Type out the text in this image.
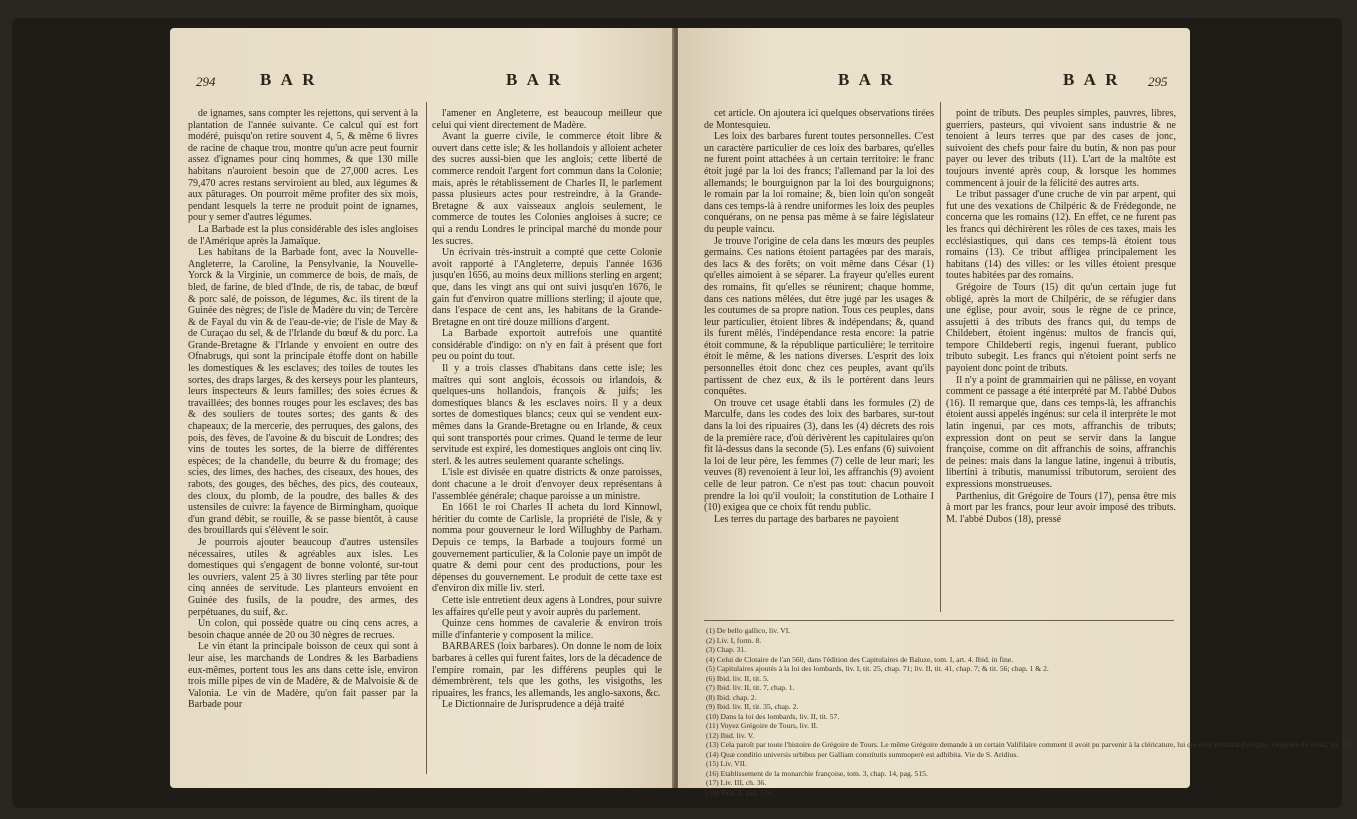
294	B A R	B A R

de ignames, sans compter les rejettons, qui servent à la plantation de l'année suivante. Ce calcul qui est fort modéré, puisqu'on retire souvent 4, 5, & même 6 livres de racine de chaque trou, montre qu'un acre peut fournir assez d'ignames pour cinq hommes, & que 130 mille habitans n'auroient besoin que de 27,000 acres. Les 79,470 acres restans serviroient au bled, aux légumes & aux pâturages. On pourroit même profiter des six mois, pendant lesquels la terre ne produit point de ignames, pour y semer d'autres légumes.

La Barbade est la plus considérable des isles angloises de l'Amérique après la Jamaïque.

Les habitans de la Barbade font, avec la Nouvelle-Angleterre, la Caroline, la Pensylvanie, la Nouvelle-Yorck & la Virginie, un commerce de bois, de maïs, de bled, de farine, de bled d'Inde, de ris, de tabac, de bœuf & porc salé, de poisson, de légumes, &c. ils tirent de la Guinée des nègres; de l'isle de Madère du vin; de Tercère & de Fayal du vin & de l'eau-de-vie; de l'isle de May & de Curaçao du sel, & de l'Irlande du bœuf & du porc. La Grande-Bretagne & l'Irlande y envoient en outre des Ofnabrugs, qui sont la principale étoffe dont on habille les domestiques & les esclaves; des toiles de toutes les sortes, des draps larges, & des kerseys pour les planteurs, leurs inspecteurs & leurs familles; des soies écrues & travaillées; des bonnes rouges pour les esclaves; des bas & des souliers de toutes sortes; des gants & des chapeaux; de la mercerie, des perruques, des galons, des pois, des fèves, de l'avoine & du biscuit de Londres; des vins de toutes les sortes, de la bierre de différentes espèces; de la chandelle, du beurre & du fromage; des scies, des limes, des haches, des ciseaux, des houes, des rabots, des gouges, des bêches, des pics, des couteaux, des cloux, du plomb, de la poudre, des balles & des ustensiles de cuivre: la fayence de Birmingham, quoique d'un grand débit, se rouille, & se passe bientôt, à cause des brouillards qui s'élèvent le soir.

Je pourrois ajouter beaucoup d'autres ustensiles nécessaires, utiles & agréables aux isles. Les domestiques qui s'engagent de bonne volonté, sur-tout les ouvriers, valent 25 à 30 livres sterling par tête pour cinq années de servitude. Les planteurs envoient en Guinée des fusils, de la poudre, des armes, des perpétuanes, du suif, &c.

Un colon, qui possède quatre ou cinq cens acres, a besoin chaque année de 20 ou 30 nègres de recrues.

Le vin étant la principale boisson de ceux qui sont à leur aise, les marchands de Londres & les Barbadiens eux-mêmes, portent tous les ans dans cette isle, environ trois mille pipes de vin de Madère, & de Malvoisie & de Valonia. Le vin de Madère, qu'on fait passer par la Barbade pour

l'amener en Angleterre, est beaucoup meilleur que celui qui vient directement de Madère.

Avant la guerre civile, le commerce étoit libre & ouvert dans cette isle; & les hollandois y alloient acheter des sucres aussi-bien que les anglois; cette liberté de commerce rendoit l'argent fort commun dans la Colonie; mais, après le rétablissement de Charles II, le parlement passa plusieurs actes pour restreindre, à la Grande-Bretagne & aux vaisseaux anglois seulement, le commerce de toutes les Colonies angloises à sucre; ce qui a rendu Londres le principal marché du monde pour les sucres.

Un écrivain très-instruit a compté que cette Colonie avoit rapporté à l'Angleterre, depuis l'année 1636 jusqu'en 1656, au moins deux millions sterling en argent; que, dans les vingt ans qui ont suivi jusqu'en 1676, le gain fut d'environ quatre millions sterling; il ajoute que, dans l'espace de cent ans, les habitans de la Grande-Bretagne en ont tiré douze millions d'argent.

La Barbade exportoit autrefois une quantité considérable d'indigo: on n'y en fait à présent que fort peu ou point du tout.

Il y a trois classes d'habitans dans cette isle; les maîtres qui sont anglois, écossois ou irlandois, & quelques-uns hollandois, françois & juifs; les domestiques blancs & les esclaves noirs. Il y a deux sortes de domestiques blancs; ceux qui se vendent eux-mêmes dans la Grande-Bretagne ou en Irlande, & ceux qui sont transportés pour crimes. Quand le terme de leur servitude est expiré, les domestiques anglois ont cinq liv. sterl. & les autres seulement quarante schelings.

L'isle est divisée en quatre districts & onze paroisses, dont chacune a le droit d'envoyer deux représentans à l'assemblée générale; chaque paroisse a un ministre.

En 1661 le roi Charles II acheta du lord Kinnowl, héritier du comte de Carlisle, la propriété de l'isle, & y nomma pour gouverneur le lord Willughby de Parham. Depuis ce temps, la Barbade a toujours formé un gouvernement particulier, & la Colonie paye un impôt de quatre & demi pour cent des productions, pour les dépenses du gouvernement. Le produit de cette taxe est d'environ dix mille liv. sterl.

Cette isle entretient deux agens à Londres, pour suivre les affaires qu'elle peut y avoir auprès du parlement.

Quinze cens hommes de cavalerie & environ trois mille d'infanterie y composent la milice.

BARBARES (loix barbares). On donne le nom de loix barbares à celles qui furent faites, lors de la décadence de l'empire romain, par les différens peuples qui le démembrèrent, tels que les goths, les visigoths, les ripuaires, les francs, les allemands, les anglo-saxons, &c.

Le Dictionnaire de Jurisprudence a déjà traité

B A R	B A R 295

cet article. On ajoutera ici quelques observations tirées de Montesquieu.

Les loix des barbares furent toutes personnelles. C'est un caractère particulier de ces loix des barbares, qu'elles ne furent point attachées à un certain territoire: le franc étoit jugé par la loi des francs; l'allemand par la loi des allemands; le bourguignon par la loi des bourguignons; le romain par la loi romaine; &, bien loin qu'on songeât dans ces temps-là à rendre uniformes les loix des peuples conquérans, on ne pensa pas même à se faire législateur du peuple vaincu.

Je trouve l'origine de cela dans les mœurs des peuples germains. Ces nations étoient partagées par des marais, des lacs & des forêts; on voit même dans César (1) qu'elles aimoient à se séparer. La frayeur qu'elles eurent des romains, fit qu'elles se réunirent; chaque homme, dans ces nations mêlées, dut être jugé par les usages & les coutumes de sa propre nation. Tous ces peuples, dans leur particulier, étoient libres & indépendans; &, quand ils furent mêlés, l'indépendance resta encore: la patrie étoit commune, & la république particulière; le territoire étoit le même, & les nations diverses. L'esprit des loix personnelles étoit donc chez ces peuples, avant qu'ils partissent de chez eux, & ils le portèrent dans leurs conquêtes.

On trouve cet usage établi dans les formules (2) de Marculfe, dans les codes des loix des barbares, sur-tout dans la loi des ripuaires (3), dans les (4) décrets des rois de la première race, d'où dérivèrent les capitulaires qu'on fit là-dessus dans la seconde (5). Les enfans (6) suivoient la loi de leur père, les femmes (7) celle de leur mari; les veuves (8) revenoient à leur loi, les affranchis (9) avoient celle de leur patron. Ce n'est pas tout: chacun pouvoit prendre la loi qu'il vouloit; la constitution de Lothaire I (10) exigea que ce choix fût rendu public.

Les terres du partage des barbares ne payoient

point de tributs. Des peuples simples, pauvres, libres, guerriers, pasteurs, qui vivoient sans industrie & ne tenoient à leurs terres que par des cases de jonc, suivoient des chefs pour faire du butin, & non pas pour payer ou lever des tributs (11). L'art de la maltôte est toujours inventé après coup, & lorsque les hommes commencent à jouir de la félicité des autres arts.

Le tribut passager d'une cruche de vin par arpent, qui fut une des vexations de Chilpéric & de Frédegonde, ne concerna que les romains (12). En effet, ce ne furent pas les francs qui déchirèrent les rôles de ces taxes, mais les ecclésiastiques, qui dans ces temps-là étoient tous romains (13). Ce tribut affligea principalement les habitans (14) des villes: or les villes étoient presque toutes habitées par des romains.

Grégoire de Tours (15) dit qu'un certain juge fut obligé, après la mort de Chilpéric, de se réfugier dans une église, pour avoir, sous le règne de ce prince, assujetti à des tributs des francs qui, du temps de Childebert, étoient ingénus: multos de francis qui, tempore Childeberti regis, ingenui fuerant, publico tributo subegit. Les francs qui n'étoient point serfs ne payoient donc point de tributs.

Il n'y a point de grammairien qui ne pâlisse, en voyant comment ce passage a été interprété par M. l'abbé Dubos (16). Il remarque que, dans ces temps-là, les affranchis étoient aussi appelés ingénus: sur cela il interprète le mot latin ingenui, par ces mots, affranchis de tributs; expression dont on peut se servir dans la langue françoise, comme on dit affranchis de soins, affranchis de peines: mais dans la langue latine, ingenui à tributis, libertini à tributis, manumissi tributorum, seroient des expressions monstrueuses.

Parthenius, dit Grégoire de Tours (17), pensa être mis à mort par les francs, pour leur avoir imposé des tributs. M. l'abbé Dubos (18), pressé

(1) De bello gallico, liv. VI.
(2) Liv. I, form. 8.
(3) Chap. 31.
(4) Celui de Clotaire de l'an 560, dans l'édition des Capitulaires de Baluze, tom. I, art. 4. Ibid. in fine.
(5) Capitulaires ajoutés à la loi des lombards, liv. I, tit. 25, chap. 71; liv. II, tit. 41, chap. 7; & tit. 56; chap. 1 & 2.
(6) Ibid. liv. II, tit. 5.
(7) Ibid. liv. II, tit. 7, chap. 1.
(8) Ibid. chap. 2.
(9) Ibid. liv. II, tit. 35, chap. 2.
(10) Dans la loi des lombards, liv. II, tit. 57.
(11) Voyez Grégoire de Tours, liv. II.
(12) Ibid. liv. V.
(13) Cela paroît par toute l'histoire de Grégoire de Tours. Le même Grégoire demande à un certain Valifilaire comment il avoit pu parvenir à la cléricature, lui qui étoit lombard d'origine. Grégoire de Tours, liv. VIII.
(14) Quæ conditio universis urbibus per Galliam constitutis summoperè est adhibita. Vie de S. Aridius.
(15) Liv. VII.
(16) Etablissement de la monarchie françoise, tom. 3, chap. 14, pag. 515.
(17) Liv. III, ch. 36.
(18) Tom. 3, pag. 514.
